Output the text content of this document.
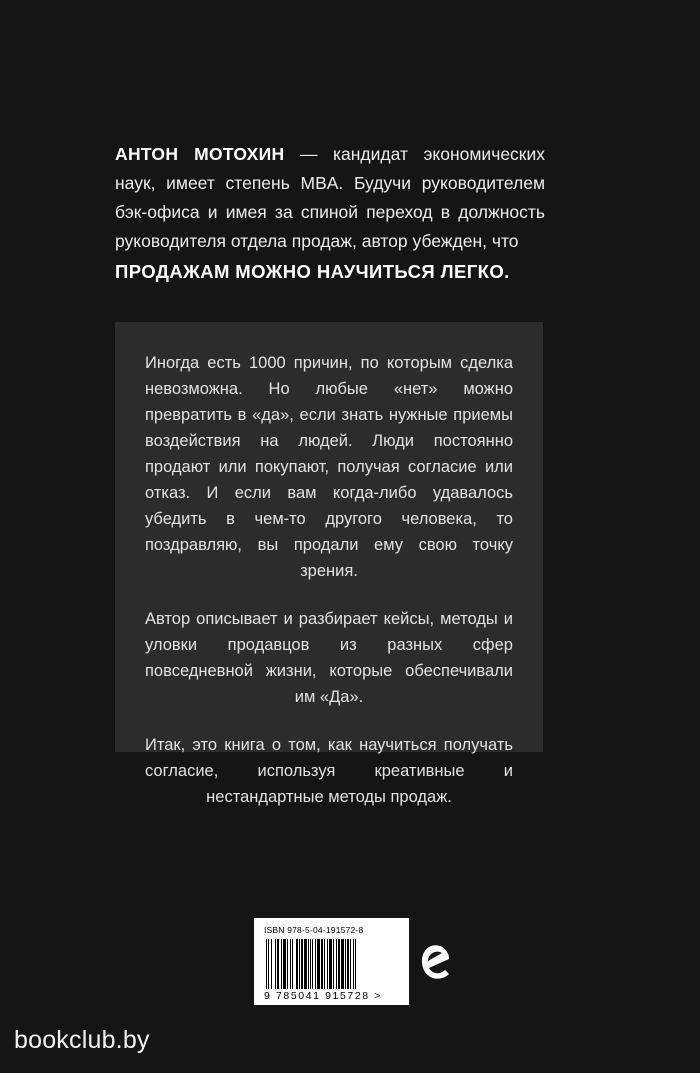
АНТОН МОТОХИН — кандидат экономических наук, имеет степень MBA. Будучи руководителем бэк-офиса и имея за спиной переход в должность руководителя отдела продаж, автор убежден, что
ПРОДАЖАМ МОЖНО НАУЧИТЬСЯ ЛЕГКО.

Иногда есть 1000 причин, по которым сделка невозможна. Но любые «нет» можно превратить в «да», если знать нужные приемы воздействия на людей. Люди постоянно продают или покупают, получая согласие или отказ. И если вам когда-либо удавалось убедить в чем-то другого человека, то поздравляю, вы продали ему свою точку зрения.

Автор описывает и разбирает кейсы, методы и уловки продавцов из разных сфер повседневной жизни, которые обеспечивали им «Да».

Итак, это книга о том, как научиться получать согласие, используя креативные и нестандартные методы продаж.

ISBN 978-5-04-191572-8
9 785041 915728 >
bookclub.by
